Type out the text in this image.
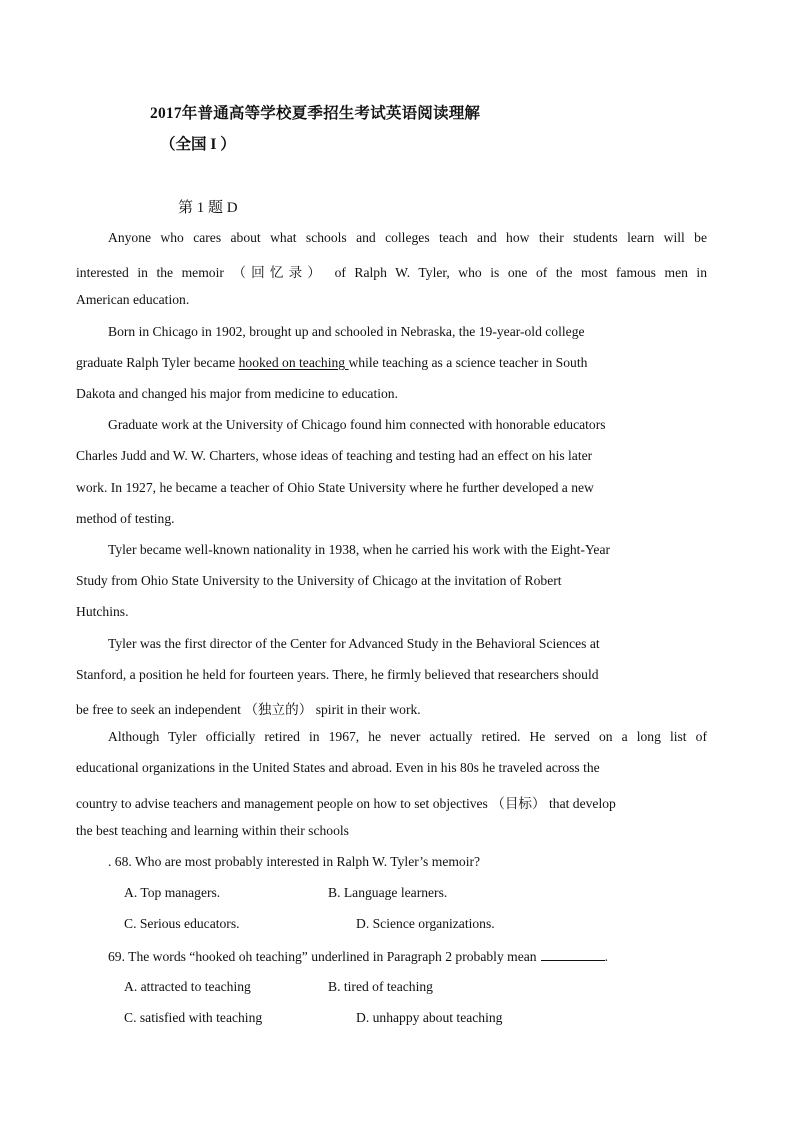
2017年普通高等学校夏季招生考试英语阅读理解
（全国 I ）
第 1 题 D
Anyone who cares about what schools and colleges teach and how their students learn will be
interested in the memoir （回忆录） of Ralph W. Tyler, who is one of the most famous men in
American education.
Born in Chicago in 1902, brought up and schooled in Nebraska, the 19-year-old college
graduate Ralph Tyler became hooked on teaching while teaching as a science teacher in South
Dakota and changed his major from medicine to education.
Graduate work at the University of Chicago found him connected with honorable educators
Charles Judd and W. W. Charters, whose ideas of teaching and testing had an effect on his later
work. In 1927, he became a teacher of Ohio State University where he further developed a new
method of testing.
Tyler became well-known nationality in 1938, when he carried his work with the Eight-Year
Study from Ohio State University to the University of Chicago at the invitation of Robert
Hutchins.
Tyler was the first director of the Center for Advanced Study in the Behavioral Sciences at
Stanford, a position he held for fourteen years. There, he firmly believed that researchers should
be free to seek an independent （独立的） spirit in their work.
Although Tyler officially retired in 1967, he never actually retired. He served on a long list of
educational organizations in the United States and abroad. Even in his 80s he traveled across the
country to advise teachers and management people on how to set objectives （目标） that develop
the best teaching and learning within their schools
. 68. Who are most probably interested in Ralph W. Tyler’s memoir?
A. Top managers.	B. Language learners.
C. Serious educators.	D. Science organizations.
69. The words “hooked oh teaching” underlined in Paragraph 2 probably mean	.
A. attracted to teaching	B. tired of teaching
C. satisfied with teaching	D. unhappy about teaching
